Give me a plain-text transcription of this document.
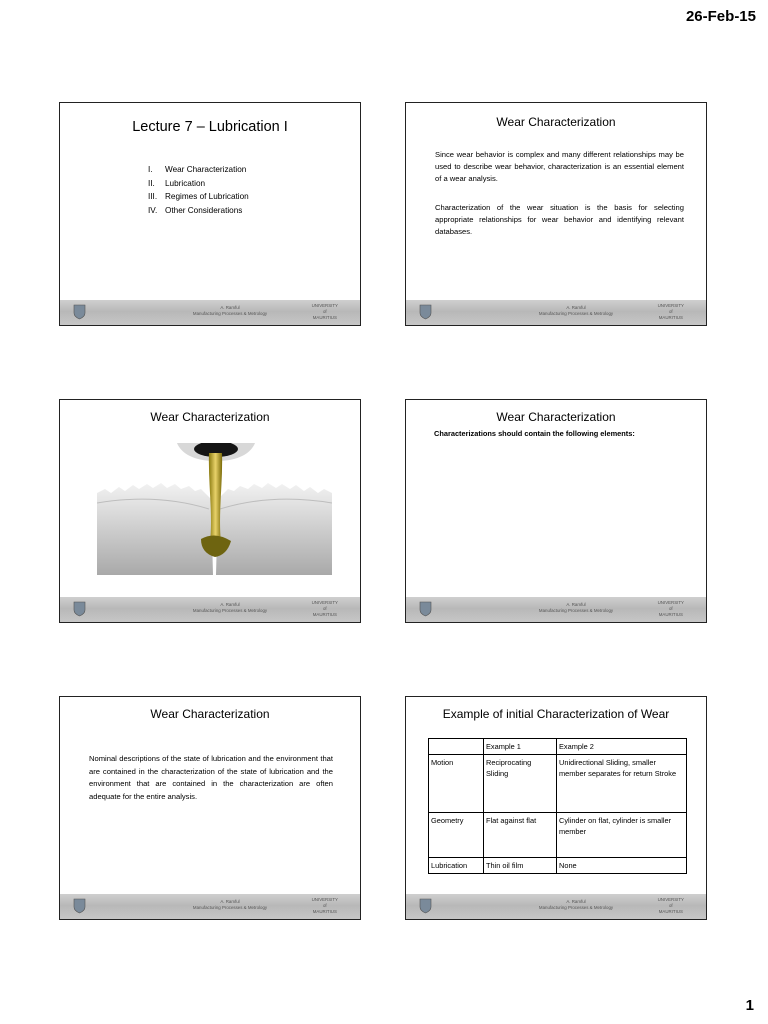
26-Feb-15
Lecture 7 – Lubrication I
I.	Wear Characterization
II.	Lubrication
III. Regimes of Lubrication
IV. Other Considerations
A. Ramful
Manufacturing Processes & Metrology
UNIVERSITY
of
MAURITIUS
Wear Characterization
Since wear behavior is complex and many different relationships may be used to describe wear behavior, characterization is an essential element of a wear analysis.
Characterization of the wear situation is the basis for selecting appropriate relationships for wear behavior and identifying relevant databases.
A. Ramful
Manufacturing Processes & Metrology
UNIVERSITY
of
MAURITIUS
Wear Characterization
A. Ramful
Manufacturing Processes & Metrology
UNIVERSITY
of
MAURITIUS
Wear Characterization
Characterizations should contain the following elements:
A. Ramful
Manufacturing Processes & Metrology
UNIVERSITY
of
MAURITIUS
Wear Characterization
Nominal descriptions of the state of lubrication and the environment that are contained in the characterization of the state of lubrication and the environment that are contained in the characterization are often adequate for the entire analysis.
A. Ramful
Manufacturing Processes & Metrology
UNIVERSITY
of
MAURITIUS
Example of initial Characterization of Wear
	Example 1	Example 2
Motion	Reciprocating Sliding	Unidirectional Sliding, smaller member separates for return Stroke
Geometry	Flat against flat	Cylinder on flat, cylinder is smaller member
Lubrication	Thin oil film	None
A. Ramful
Manufacturing Processes & Metrology
UNIVERSITY
of
MAURITIUS
1
